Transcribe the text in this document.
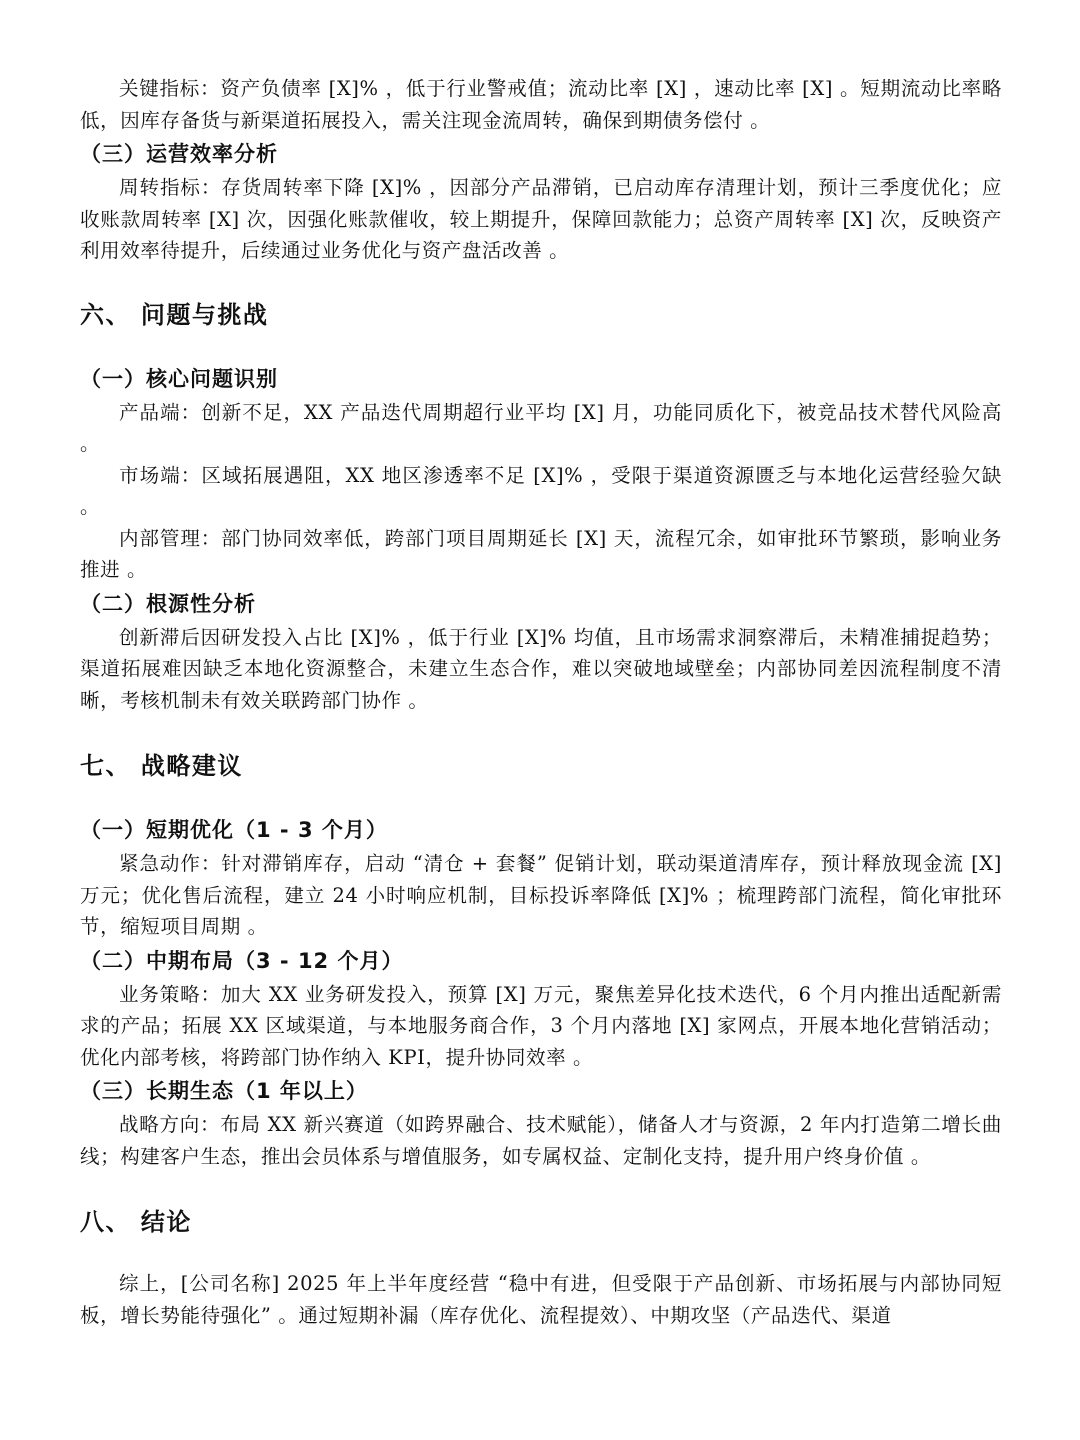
关键指标：资产负债率 [X]% ，低于行业警戒值；流动比率 [X] ，速动比率 [X] 。短期流动比率略低，因库存备货与新渠道拓展投入，需关注现金流周转，确保到期债务偿付 。

（三）运营效率分析

周转指标：存货周转率下降 [X]% ，因部分产品滞销，已启动库存清理计划，预计三季度优化；应收账款周转率 [X] 次，因强化账款催收，较上期提升，保障回款能力；总资产周转率 [X] 次，反映资产利用效率待提升，后续通过业务优化与资产盘活改善 。

六、 问题与挑战
（一）核心问题识别

产品端：创新不足，XX 产品迭代周期超行业平均 [X] 月，功能同质化下，被竞品技术替代风险高 。

市场端：区域拓展遇阻，XX 地区渗透率不足 [X]% ，受限于渠道资源匮乏与本地化运营经验欠缺 。

内部管理：部门协同效率低，跨部门项目周期延长 [X] 天，流程冗余，如审批环节繁琐，影响业务推进 。

（二）根源性分析

创新滞后因研发投入占比 [X]% ，低于行业 [X]% 均值，且市场需求洞察滞后，未精准捕捉趋势；渠道拓展难因缺乏本地化资源整合，未建立生态合作，难以突破地域壁垒；内部协同差因流程制度不清晰，考核机制未有效关联跨部门协作 。

七、 战略建议
（一）短期优化（1 - 3 个月）

紧急动作：针对滞销库存，启动 “清仓 + 套餐” 促销计划，联动渠道清库存，预计释放现金流 [X] 万元；优化售后流程，建立 24 小时响应机制，目标投诉率降低 [X]% ；梳理跨部门流程，简化审批环节，缩短项目周期 。

（二）中期布局（3 - 12 个月）

业务策略：加大 XX 业务研发投入，预算 [X] 万元，聚焦差异化技术迭代，6 个月内推出适配新需求的产品；拓展 XX 区域渠道，与本地服务商合作，3 个月内落地 [X] 家网点，开展本地化营销活动；优化内部考核，将跨部门协作纳入 KPI，提升协同效率 。

（三）长期生态（1 年以上）

战略方向：布局 XX 新兴赛道（如跨界融合、技术赋能），储备人才与资源，2 年内打造第二增长曲线；构建客户生态，推出会员体系与增值服务，如专属权益、定制化支持，提升用户终身价值 。

八、 结论

综上，[公司名称] 2025 年上半年度经营 “稳中有进，但受限于产品创新、市场拓展与内部协同短板，增长势能待强化” 。通过短期补漏（库存优化、流程提效）、中期攻坚（产品迭代、渠道
